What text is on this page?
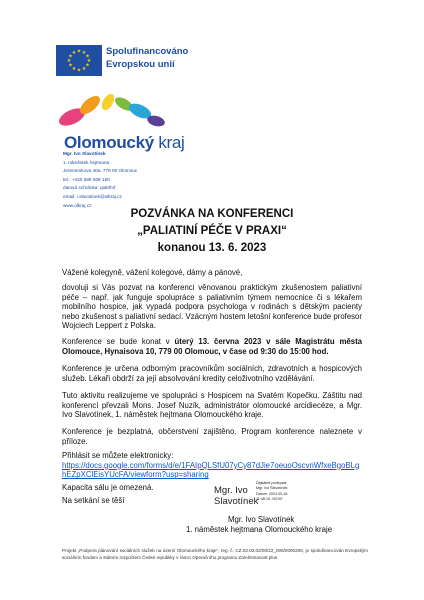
★ ★
★
★
★
★
★
★
★
★
★
★	Spolufinancováno
Evropskou unií
Olomoucký kraj
Mgr. Ivo Slavotínek
1. náměstek hejtmana
Jeremenkova 40a, 779 00 Olomouc
tel.: +420 585 508 150
datová schránka: qiabfmf
email: i.slavotinek@olkraj.cz
www.olkraj.cz
POZVÁNKA NA KONFERENCI
„PALIATINÍ PÉČE V PRAXI“
konanou 13. 6. 2023
Vážené kolegyně, vážení kolegové, dámy a pánové,
dovoluji si Vás pozvat na konferenci věnovanou praktickým zkušenostem paliativní péče – např. jak funguje spolupráce s paliativním týmem nemocnice či s lékařem mobilního hospice, jak vypadá podpora psychologa v rodinách s dětským pacienty nebo zkušenost s paliativní sedací. Vzácným hostem letošní konference bude profesor Wojciech Leppert z Polska.
Konference se bude konat v úterý 13. června 2023 v sále Magistrátu města Olomouce, Hynaisova 10, 779 00 Olomouc, v čase od 9:30 do 15:00 hod.
Konference je určena odborným pracovníkům sociálních, zdravotních a hospicových služeb. Lékaři obdrží za její absolvování kredity celoživotního vzdělávání.
Tuto aktivitu realizujeme ve spolupráci s Hospicem na Svatém Kopečku. Záštitu nad konferencí převzali Mons. Josef Nuzík, administrátor olomoucké arcidiecéze, a Mgr. Ivo Slavotínek, 1. náměstek hejtmana Olomouckého kraje.
Konference je bezplatná, občerstvení zajištěno. Program konference naleznete v příloze.
Přihlásit se můžete elektronicky:
https://docs.google.com/forms/d/e/1FAIpQLSfU07yCy87dJie7oeuoOscvnWfxeBgoBLghEZpXClEisYUcFA/viewform?usp=sharing
Kapacita sálu je omezená.
Na setkání se těší
Mgr. Ivo
Slavotínek
Digitálně podepsal
Mgr. Ivo Slavotínek
Datum: 2023.05.18
11:48:15 +02'00'
Mgr. Ivo Slavotínek
1. náměstek hejtmana Olomouckého kraje
Projekt „Podpora plánování sociálních služeb na území Olomouckého kraje“, reg. č. CZ.03.02.02/00/22_006/0000208, je spolufinancován Evropským sociálním fondem a státním rozpočtem České republiky v rámci Operačního programu Zaměstnanost plus.
